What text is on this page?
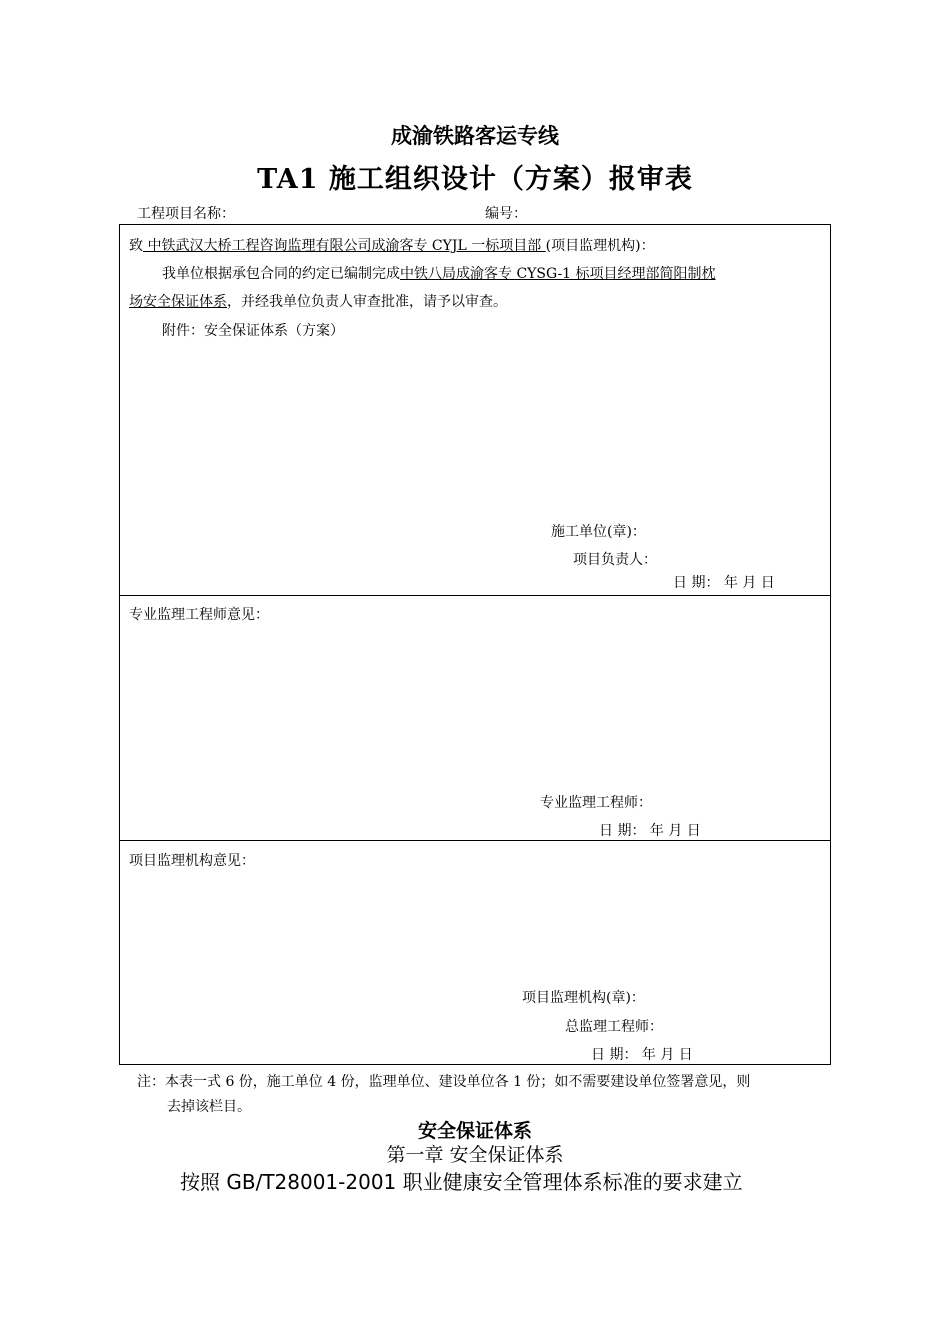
成渝铁路客运专线
TA1 施工组织设计（方案）报审表
工程项目名称：	编号：
致 中铁武汉大桥工程咨询监理有限公司成渝客专 CYJL 一标项目部 (项目监理机构)：
我单位根据承包合同的约定已编制完成中铁八局成渝客专 CYSG-1 标项目经理部简阳制枕
场安全保证体系，并经我单位负责人审查批准，请予以审查。
附件：安全保证体系（方案）
施工单位(章)：
项目负责人：
日 期： 年 月 日
专业监理工程师意见：
专业监理工程师：
日 期： 年 月 日
项目监理机构意见：
项目监理机构(章)：
总监理工程师：
日 期： 年 月 日
注：本表一式 6 份，施工单位 4 份，监理单位、建设单位各 1 份；如不需要建设单位签署意见，则
去掉该栏目。
安全保证体系
第一章 安全保证体系
按照 GB/T28001-2001 职业健康安全管理体系标准的要求建立
